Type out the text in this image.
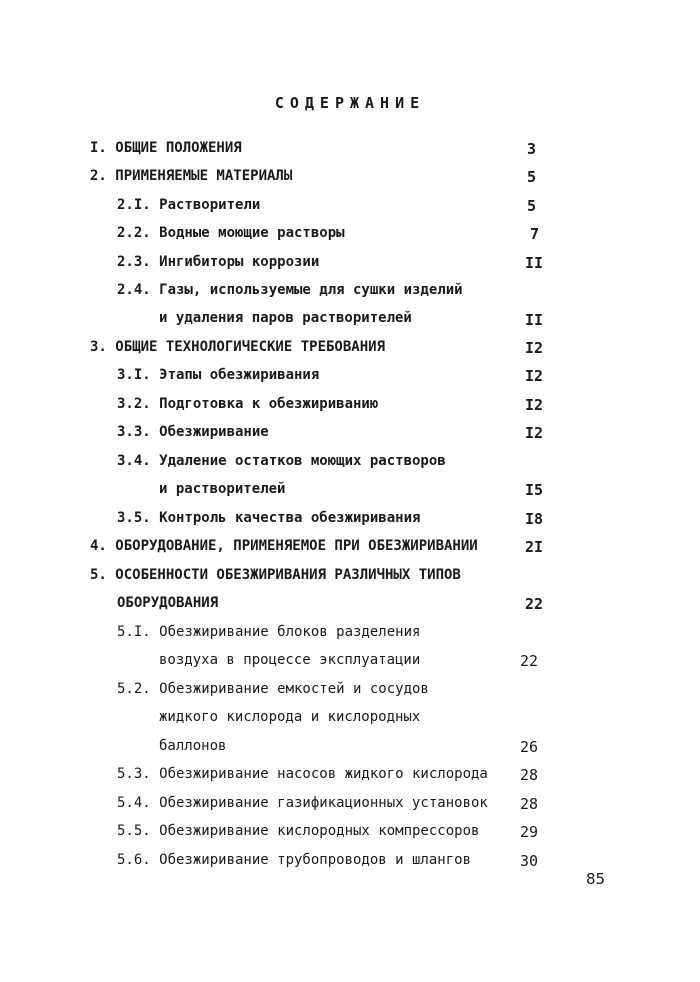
СОДЕРЖАНИЕ
I. ОБЩИЕ ПОЛОЖЕНИЯ	3
2. ПРИМЕНЯЕМЫЕ МАТЕРИАЛЫ	5
2.I. Растворители	5
2.2. Водные моющие растворы	7
2.3. Ингибиторы коррозии	II
2.4. Газы, используемые для сушки изделий
и удаления паров растворителей	II
3. ОБЩИЕ ТЕХНОЛОГИЧЕСКИЕ ТРЕБОВАНИЯ	I2
3.I. Этапы обезжиривания	I2
3.2. Подготовка к обезжириванию	I2
3.3. Обезжиривание	I2
3.4. Удаление остатков моющих растворов
и растворителей	I5
3.5. Контроль качества обезжиривания	I8
4. ОБОРУДОВАНИЕ, ПРИМЕНЯЕМОЕ ПРИ ОБЕЗЖИРИВАНИИ	2I
5. ОСОБЕННОСТИ ОБЕЗЖИРИВАНИЯ РАЗЛИЧНЫХ ТИПОВ
ОБОРУДОВАНИЯ	22
5.I. Обезжиривание блоков разделения
воздуха в процессе эксплуатации	22
5.2. Обезжиривание емкостей и сосудов
жидкого кислорода и кислородных
баллонов	26
5.3. Обезжиривание насосов жидкого кислорода 28
5.4. Обезжиривание газификационных установок 28
5.5. Обезжиривание кислородных компрессоров	29
5.6. Обезжиривание трубопроводов и шлангов	30
85
